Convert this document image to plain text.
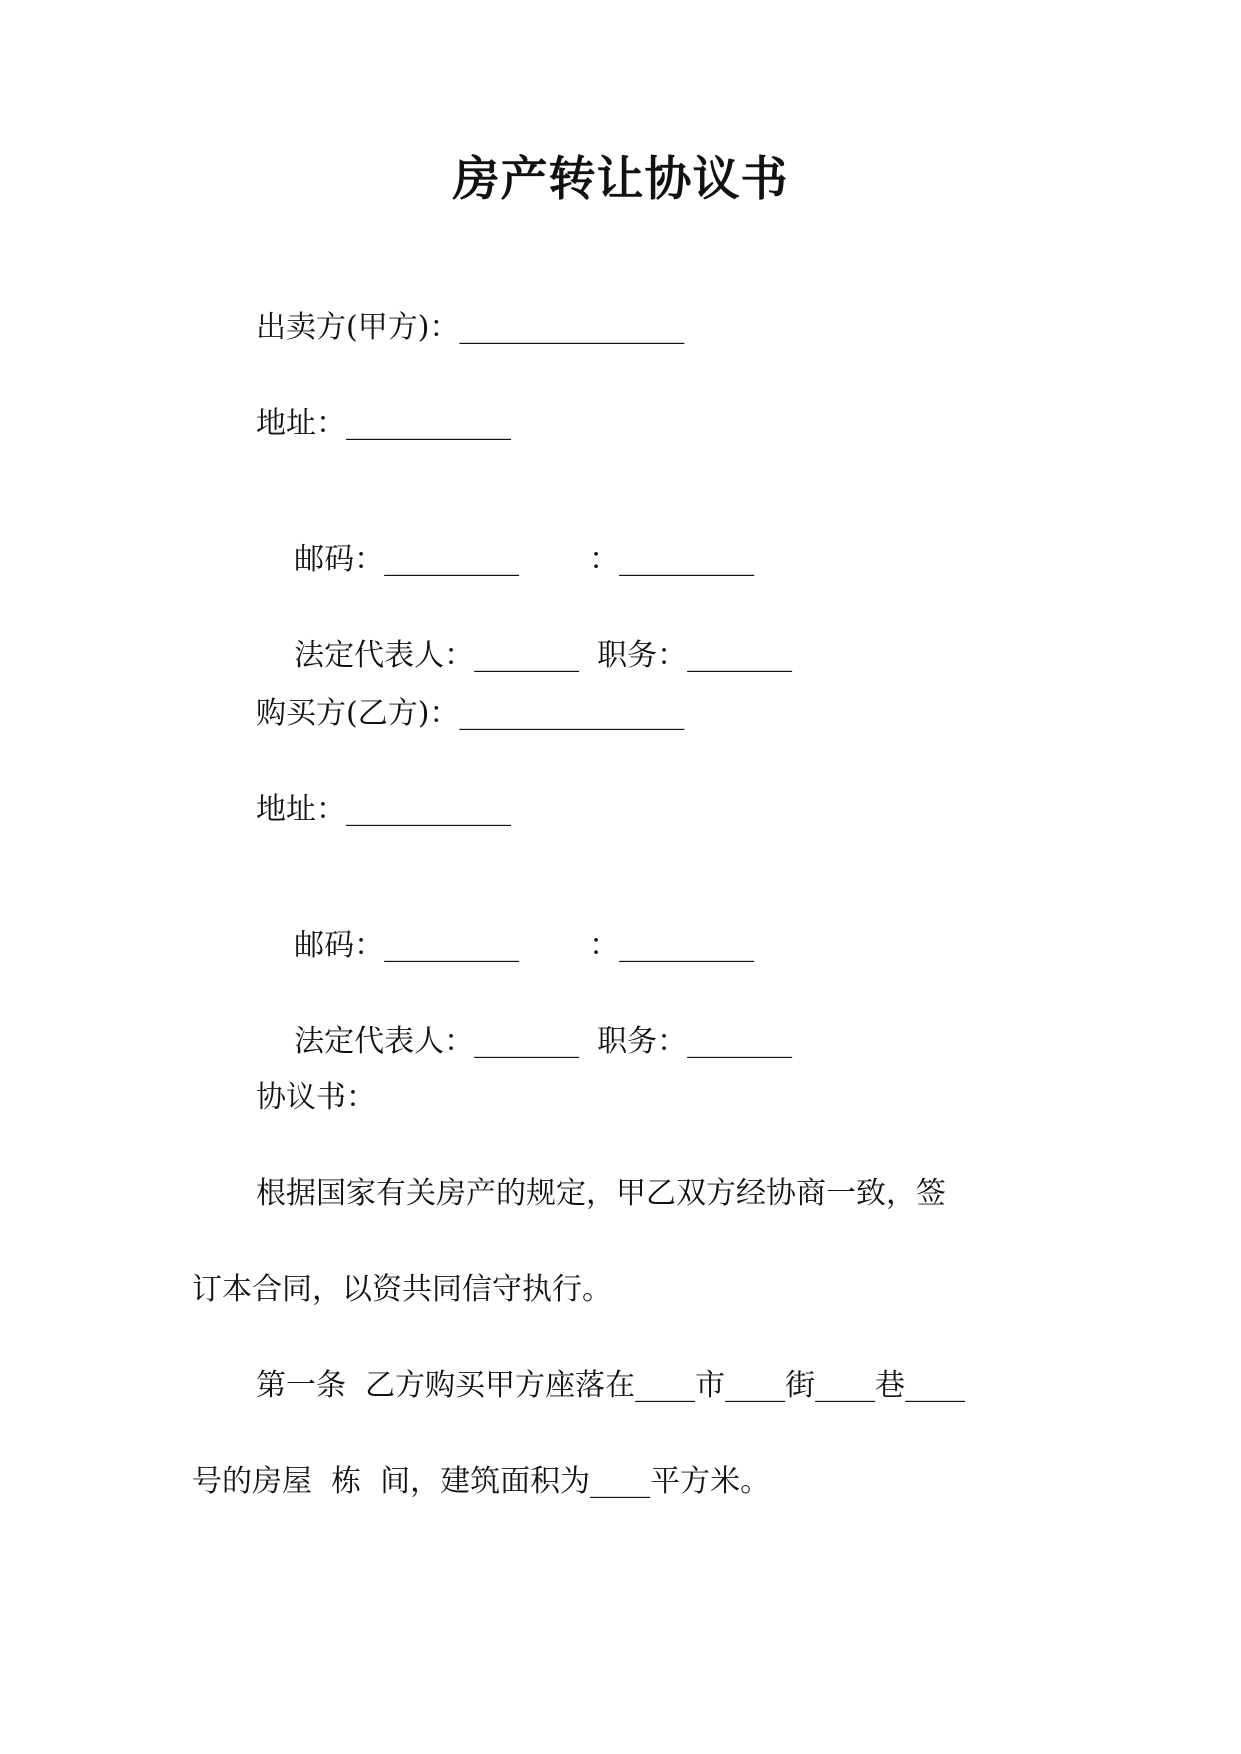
房产转让协议书
出卖方(甲方)：_______________
地址：___________

邮码：_________ ：_________

法定代表人：_______ 职务：_______

购买方(乙方)：_______________
地址：___________

邮码：_________ ：_________

法定代表人：_______ 职务：_______

协议书：
根据国家有关房产的规定，甲乙双方经协商一致，签
订本合同，以资共同信守执行。
第一条  乙方购买甲方座落在____市____街____巷____
号的房屋  栋  间，建筑面积为____平方米。
